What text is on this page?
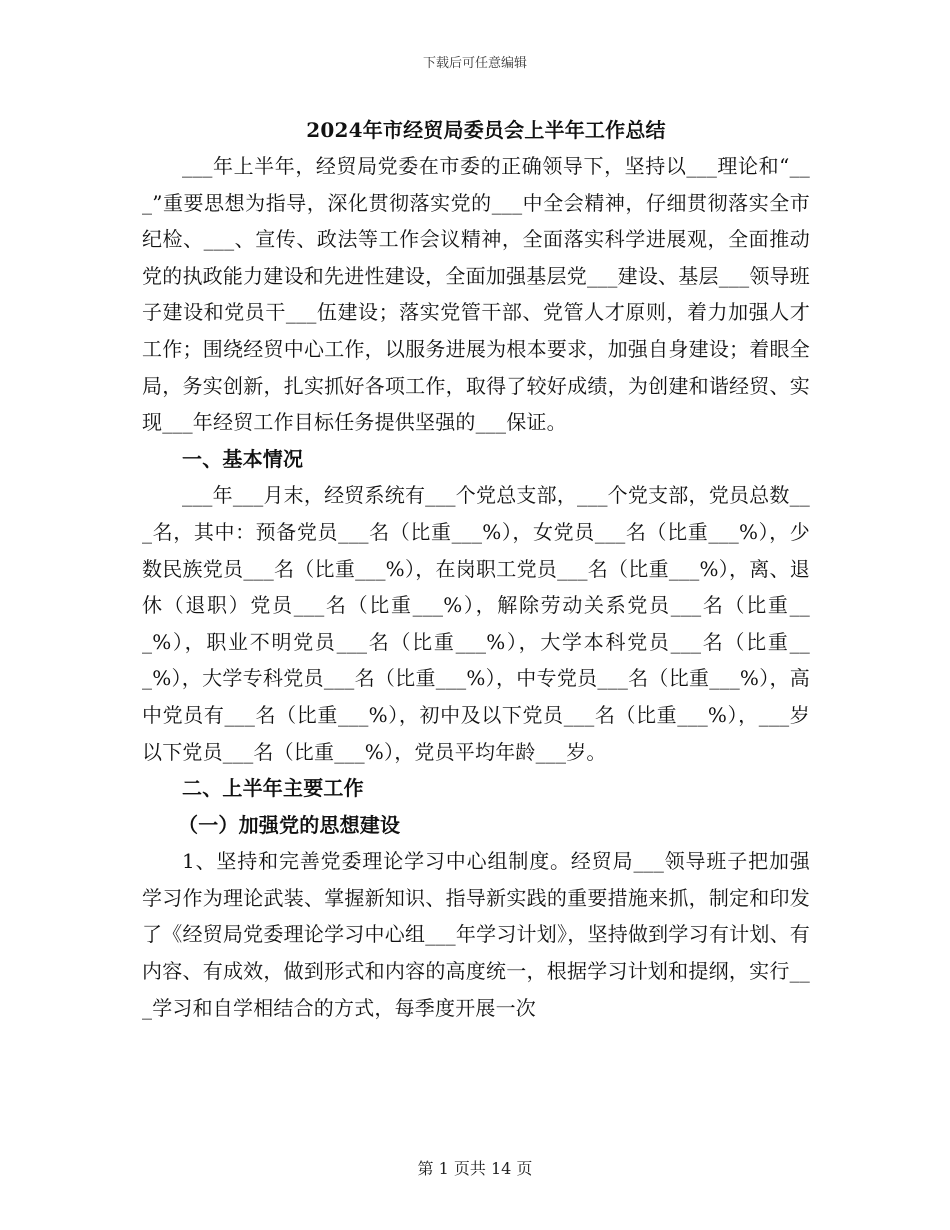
下载后可任意编辑

2024年市经贸局委员会上半年工作总结

___年上半年，经贸局党委在市委的正确领导下，坚持以___理论和“___”重要思想为指导，深化贯彻落实党的___中全会精神，仔细贯彻落实全市纪检、___、宣传、政法等工作会议精神，全面落实科学进展观，全面推动党的执政能力建设和先进性建设，全面加强基层党___建设、基层___领导班子建设和党员干___伍建设；落实党管干部、党管人才原则，着力加强人才工作；围绕经贸中心工作，以服务进展为根本要求，加强自身建设；着眼全局，务实创新，扎实抓好各项工作，取得了较好成绩，为创建和谐经贸、实现___年经贸工作目标任务提供坚强的___保证。

一、基本情况

___年___月末，经贸系统有___个党总支部，___个党支部，党员总数___名，其中：预备党员___名（比重___%），女党员___名（比重___%），少数民族党员___名（比重___%），在岗职工党员___名（比重___%），离、退休（退职）党员___名（比重___%），解除劳动关系党员___名（比重___%），职业不明党员___名（比重___%），大学本科党员___名（比重___%），大学专科党员___名（比重___%），中专党员___名（比重___%），高中党员有___名（比重___%），初中及以下党员___名（比重___%），___岁以下党员___名（比重___%），党员平均年龄___岁。

二、上半年主要工作

（一）加强党的思想建设

1、坚持和完善党委理论学习中心组制度。经贸局___领导班子把加强学习作为理论武装、掌握新知识、指导新实践的重要措施来抓，制定和印发了《经贸局党委理论学习中心组___年学习计划》，坚持做到学习有计划、有内容、有成效，做到形式和内容的高度统一，根据学习计划和提纲，实行___学习和自学相结合的方式，每季度开展一次

第 1 页共 14 页
